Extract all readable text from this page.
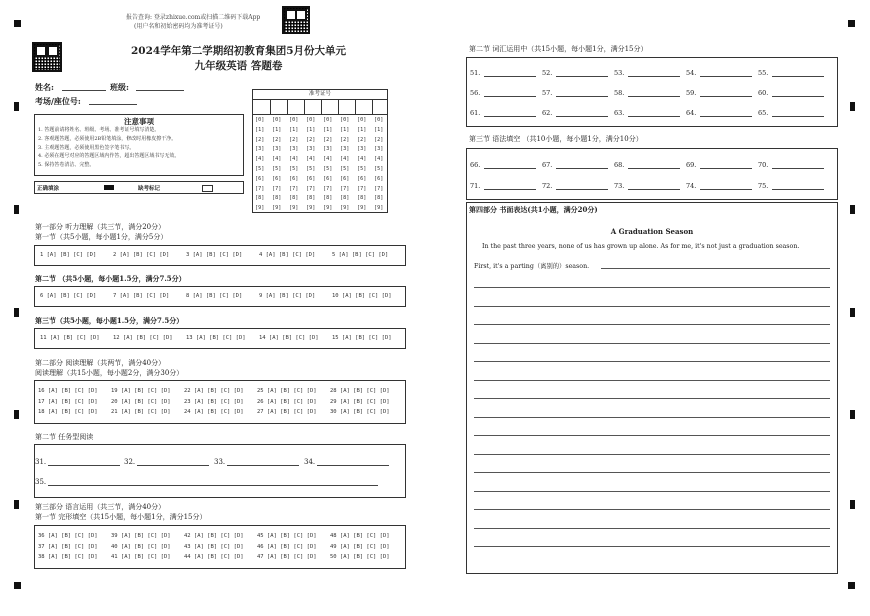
报告查询: 登录zhixue.com或扫描二维码下载App
(用户名和初始密码均为准考证号)
2024学年第二学期绍初教育集团5月份大单元
九年级英语 答题卷
姓名:	班级:
考场/座位号:
注意事项
1. 答题前请将姓名、班级、考场、准考证号填写清楚。
2. 客观题答题，必须使用2B铅笔填涂，修改时用橡皮擦干净。
3. 主观题答题，必须使用黑色签字笔书写。
4. 必须在题号对应的答题区域内作答，超出答题区域书写无效。
5. 保持答卷清洁、完整。
正确填涂	缺考标记
准考证号
[0] [0] [0] [0] [0] [0] [0] [0]
[1] [1] [1] [1] [1] [1] [1] [1]
[2] [2] [2] [2] [2] [2] [2] [2]
[3] [3] [3] [3] [3] [3] [3] [3]
[4] [4] [4] [4] [4] [4] [4] [4]
[5] [5] [5] [5] [5] [5] [5] [5]
[6] [6] [6] [6] [6] [6] [6] [6]
[7] [7] [7] [7] [7] [7] [7] [7]
[8] [8] [8] [8] [8] [8] [8] [8]
[9] [9] [9] [9] [9] [9] [9] [9]
第一部分 听力理解（共三节，满分20分）
第一节（共5小题，每小题1分，满分5分）
1 [A] [B] [C] [D]	2 [A] [B] [C] [D]	3 [A] [B] [C] [D]	4 [A] [B] [C] [D]	5 [A] [B] [C] [D]
第二节 （共5小题，每小题1.5分，满分7.5分）
6 [A] [B] [C] [D]	7 [A] [B] [C] [D]	8 [A] [B] [C] [D]	9 [A] [B] [C] [D]	10 [A] [B] [C] [D]
第三节（共5小题，每小题1.5分，满分7.5分）
11 [A] [B] [C] [D] 12 [A] [B] [C] [D] 13 [A] [B] [C] [D] 14 [A] [B] [C] [D] 15 [A] [B] [C] [D]
第二部分 阅读理解（共两节，满分40分）
阅读理解（共15小题，每小题2分，满分30分）
16 [A] [B] [C] [D] 19 [A] [B] [C] [D] 22 [A] [B] [C] [D] 25 [A] [B] [C] [D] 28 [A] [B] [C] [D]
17 [A] [B] [C] [D] 20 [A] [B] [C] [D] 23 [A] [B] [C] [D] 26 [A] [B] [C] [D] 29 [A] [B] [C] [D]
18 [A] [B] [C] [D] 21 [A] [B] [C] [D] 24 [A] [B] [C] [D] 27 [A] [B] [C] [D] 30 [A] [B] [C] [D]
第二节 任务型阅读
31.	32.	33.	34.
35.
第三部分 语言运用（共三节，满分40分）
第一节 完形填空（共15小题，每小题1分，满分15分）
36 [A] [B] [C] [D] 39 [A] [B] [C] [D] 42 [A] [B] [C] [D] 45 [A] [B] [C] [D] 48 [A] [B] [C] [D]
37 [A] [B] [C] [D] 40 [A] [B] [C] [D] 43 [A] [B] [C] [D] 46 [A] [B] [C] [D] 49 [A] [B] [C] [D]
38 [A] [B] [C] [D] 41 [A] [B] [C] [D] 44 [A] [B] [C] [D] 47 [A] [B] [C] [D] 50 [A] [B] [C] [D]
第二节 词汇运用中（共15小题，每小题1分，满分15分）
51.	52.	53.	54.	55.
56.	57.	58.	59.	60.
61.	62.	63.	64.	65.
第三节 语法填空 （共10小题，每小题1分，满分10分）
66.	67.	68.	69.	70.
71.	72.	73.	74.	75.
第四部分 书面表达(共1小题，满分20分)
A Graduation Season
In the past three years, none of us has grown up alone. As for me, it's not just a graduation season.
First, it's a parting（离别的）season.
